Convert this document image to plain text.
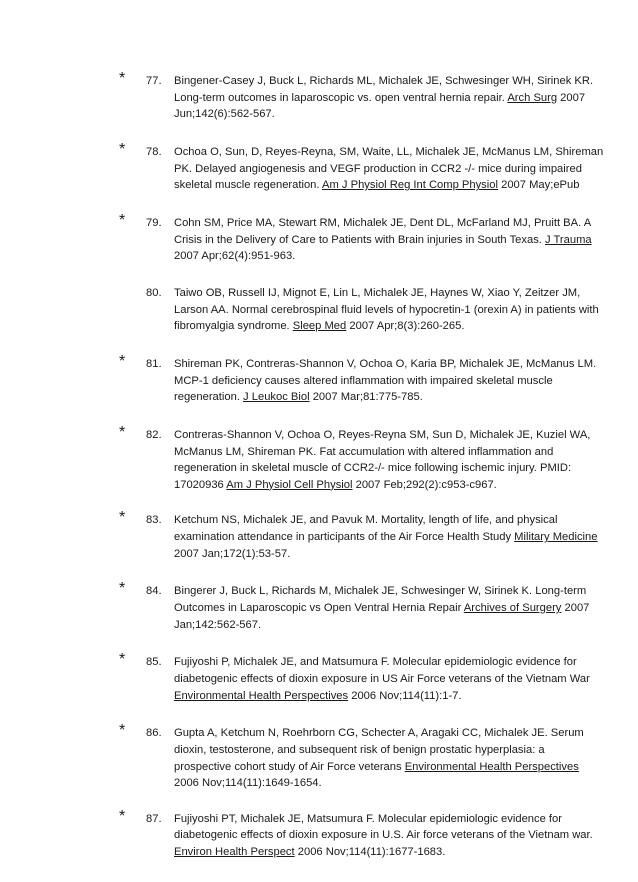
* 77. Bingener-Casey J, Buck L, Richards ML, Michalek JE, Schwesinger WH, Sirinek KR.
Long-term outcomes in laparoscopic vs. open ventral hernia repair. Arch Surg 2007
Jun;142(6):562-567.
* 78. Ochoa O, Sun, D, Reyes-Reyna, SM, Waite, LL, Michalek JE, McManus LM, Shireman
PK. Delayed angiogenesis and VEGF production in CCR2 -/- mice during impaired
skeletal muscle regeneration. Am J Physiol Reg Int Comp Physiol 2007 May;ePub
* 79. Cohn SM, Price MA, Stewart RM, Michalek JE, Dent DL, McFarland MJ, Pruitt BA. A
Crisis in the Delivery of Care to Patients with Brain injuries in South Texas. J Trauma
2007 Apr;62(4):951-963.
80. Taiwo OB, Russell IJ, Mignot E, Lin L, Michalek JE, Haynes W, Xiao Y, Zeitzer JM,
Larson AA. Normal cerebrospinal fluid levels of hypocretin-1 (orexin A) in patients with
fibromyalgia syndrome. Sleep Med 2007 Apr;8(3):260-265.
* 81. Shireman PK, Contreras-Shannon V, Ochoa O, Karia BP, Michalek JE, McManus LM.
MCP-1 deficiency causes altered inflammation with impaired skeletal muscle
regeneration. J Leukoc Biol 2007 Mar;81:775-785.
* 82. Contreras-Shannon V, Ochoa O, Reyes-Reyna SM, Sun D, Michalek JE, Kuziel WA,
McManus LM, Shireman PK. Fat accumulation with altered inflammation and
regeneration in skeletal muscle of CCR2-/- mice following ischemic injury. PMID:
17020936 Am J Physiol Cell Physiol 2007 Feb;292(2):c953-c967.
* 83. Ketchum NS, Michalek JE, and Pavuk M. Mortality, length of life, and physical
examination attendance in participants of the Air Force Health Study Military Medicine
2007 Jan;172(1):53-57.
* 84. Bingerer J, Buck L, Richards M, Michalek JE, Schwesinger W, Sirinek K. Long-term
Outcomes in Laparoscopic vs Open Ventral Hernia Repair Archives of Surgery 2007
Jan;142:562-567.
* 85. Fujiyoshi P, Michalek JE, and Matsumura F. Molecular epidemiologic evidence for
diabetogenic effects of dioxin exposure in US Air Force veterans of the Vietnam War
Environmental Health Perspectives 2006 Nov;114(11):1-7.
* 86. Gupta A, Ketchum N, Roehrborn CG, Schecter A, Aragaki CC, Michalek JE. Serum
dioxin, testosterone, and subsequent risk of benign prostatic hyperplasia: a
prospective cohort study of Air Force veterans Environmental Health Perspectives
2006 Nov;114(11):1649-1654.
* 87. Fujiyoshi PT, Michalek JE, Matsumura F. Molecular epidemiologic evidence for
diabetogenic effects of dioxin exposure in U.S. Air force veterans of the Vietnam war.
Environ Health Perspect 2006 Nov;114(11):1677-1683.
